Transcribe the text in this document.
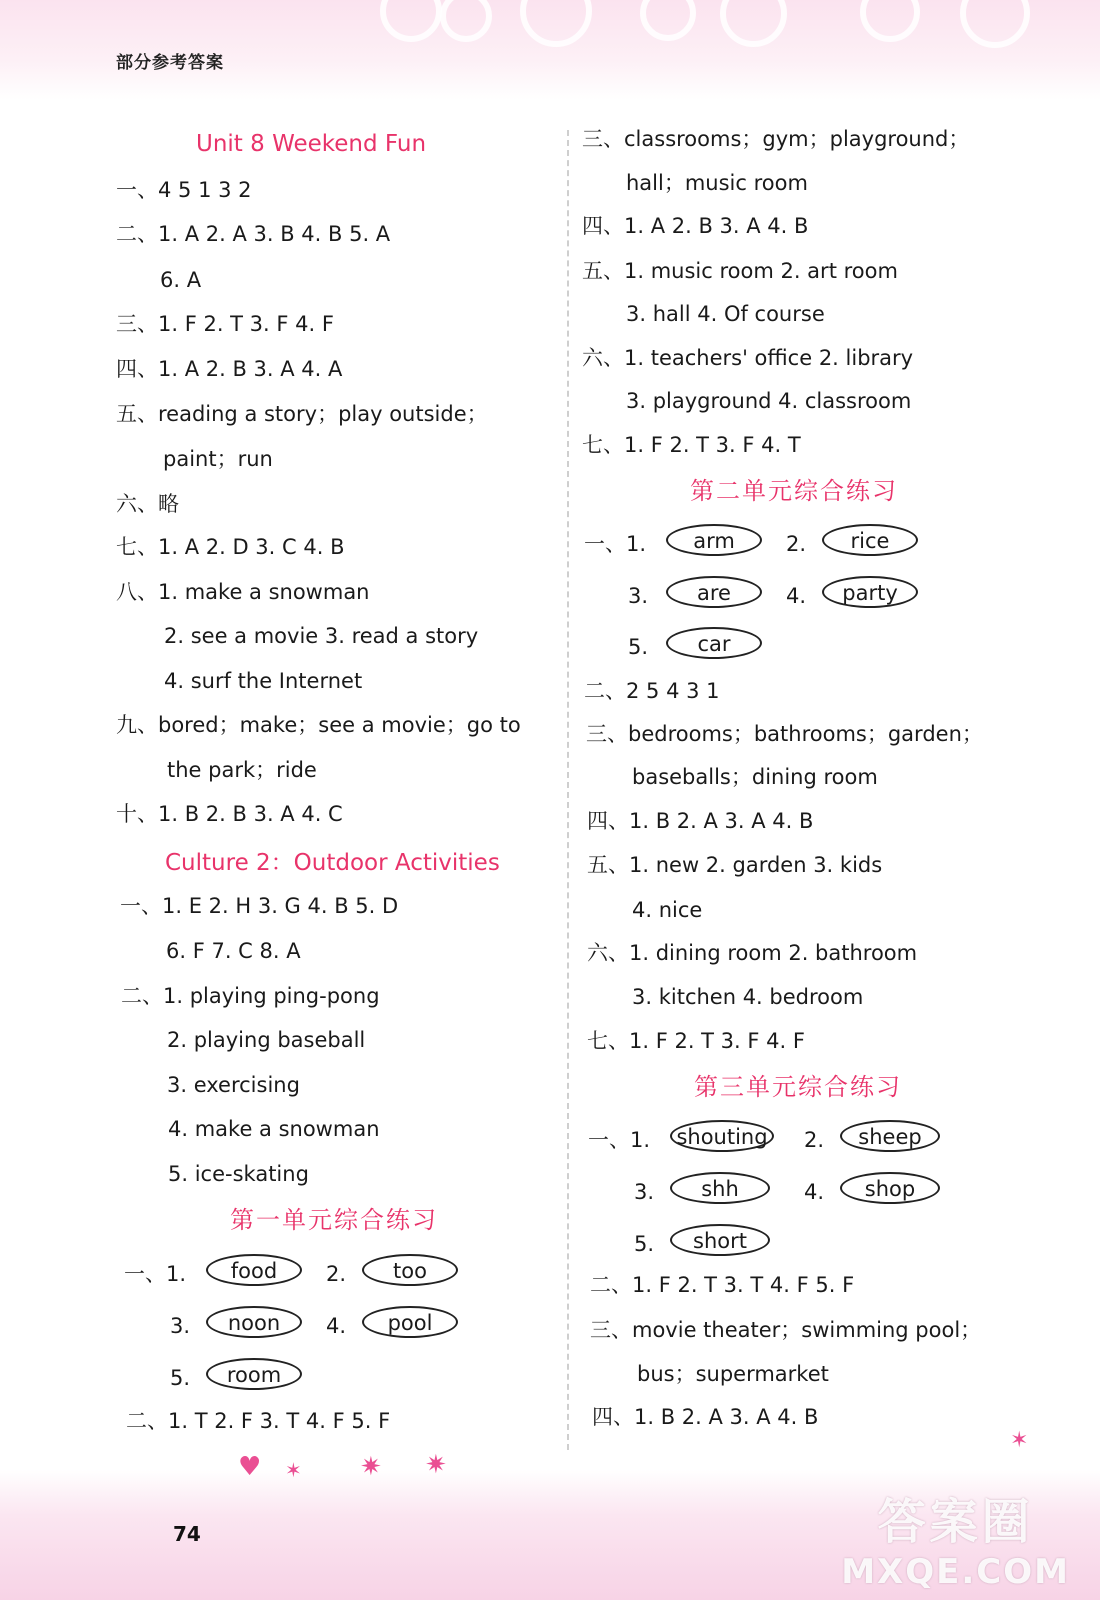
部分参考答案
Unit 8 Weekend Fun
一、4 5 1 3 2
二、1. A 2. A 3. B 4. B 5. A
6. A
三、1. F 2. T 3. F 4. F
四、1. A 2. B 3. A 4. A
五、reading a story；play outside；
paint；run
六、略
七、1. A 2. D 3. C 4. B
八、1. make a snowman
2. see a movie 3. read a story
4. surf the Internet
九、bored；make；see a movie；go to
the park；ride
十、1. B 2. B 3. A 4. C
Culture 2：Outdoor Activities
一、1. E 2. H 3. G 4. B 5. D
6. F 7. C 8. A
二、1. playing ping-pong
2. playing baseball
3. exercising
4. make a snowman
5. ice-skating
第一单元综合练习
一、1.	food	2.	too
3.	noon	4.	pool
5.	room
二、1. T 2. F 3. T 4. F 5. F
三、classrooms；gym；playground；
hall；music room
四、1. A 2. B 3. A 4. B
五、1. music room 2. art room
3. hall 4. Of course
六、1. teachers' office 2. library
3. playground 4. classroom
七、1. F 2. T 3. F 4. T
第二单元综合练习
一、1.	arm	2.	rice
3.	are	4.	party
5.	car
二、2 5 4 3 1
三、bedrooms；bathrooms；garden；
baseballs；dining room
四、1. B 2. A 3. A 4. B
五、1. new 2. garden 3. kids
4. nice
六、1. dining room 2. bathroom
3. kitchen 4. bedroom
七、1. F 2. T 3. F 4. F
第三单元综合练习
一、1.	shouting	2.	sheep
3.	shh	4.	shop
5.	short
二、1. F 2. T 3. T 4. F 5. F
三、movie theater；swimming pool；
bus；supermarket
四、1. B 2. A 3. A 4. B
♥ ✶ ✷ ✷
✶
74	答案圈
MXQE.COM
